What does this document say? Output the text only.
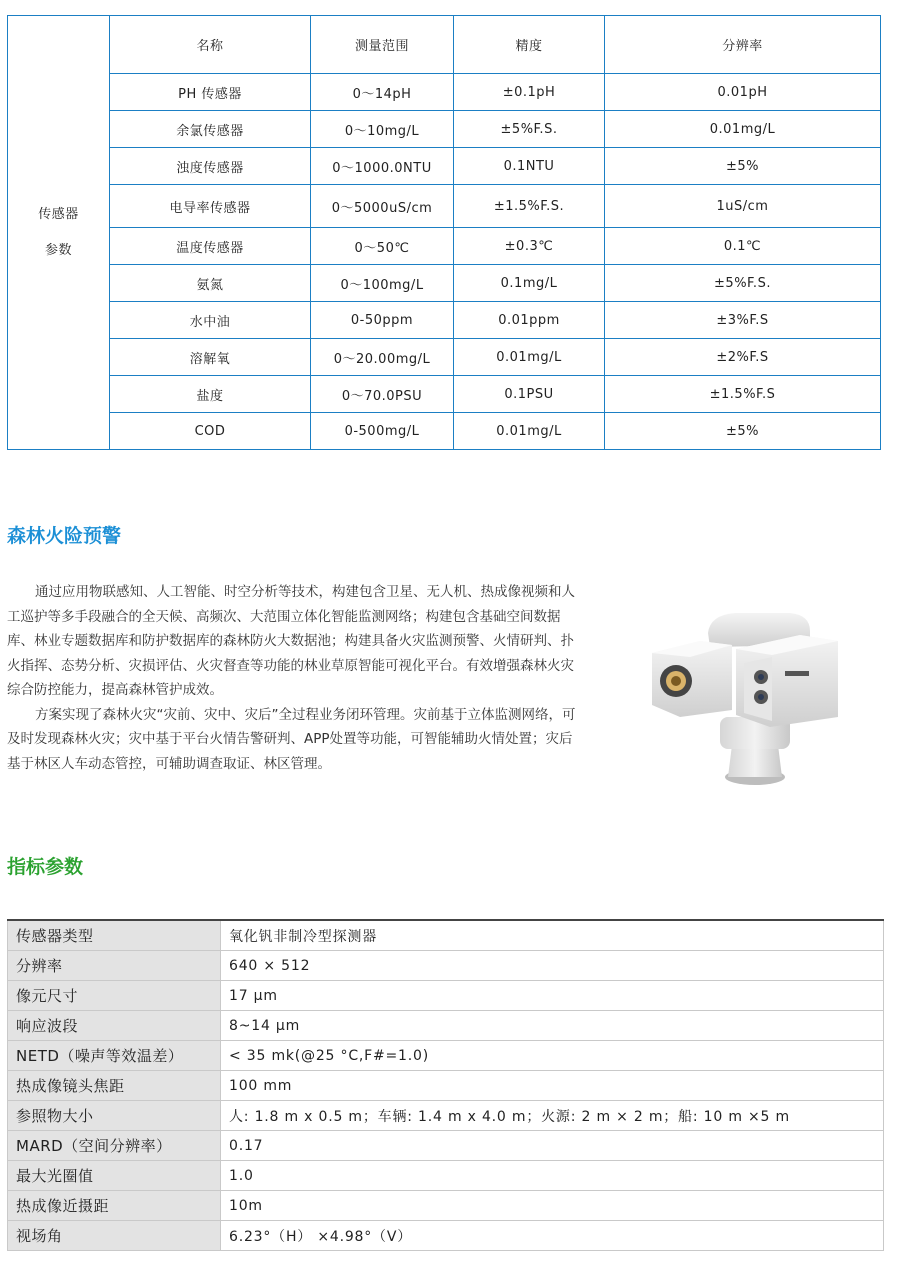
传感器
参数	名称	测量范围	精度	分辨率
	PH 传感器	0～14pH	±0.1pH	0.01pH
	余氯传感器	0～10mg/L	±5%F.S.	0.01mg/L
	浊度传感器	0～1000.0NTU	0.1NTU	±5%
	电导率传感器	0～5000uS/cm	±1.5%F.S.	1uS/cm
	温度传感器	0～50℃	±0.3℃	0.1℃
	氨氮	0～100mg/L	0.1mg/L	±5%F.S.
	水中油	0-50ppm	0.01ppm	±3%F.S
	溶解氧	0～20.00mg/L	0.01mg/L	±2%F.S
	盐度	0～70.0PSU	0.1PSU	±1.5%F.S
	COD	0-500mg/L	0.01mg/L	±5%
森林火险预警

通过应用物联感知、人工智能、时空分析等技术，构建包含卫星、无人机、热成像视频和人工巡护等多手段融合的全天候、高频次、大范围立体化智能监测网络；构建包含基础空间数据库、林业专题数据库和防护数据库的森林防火大数据池；构建具备火灾监测预警、火情研判、扑火指挥、态势分析、灾损评估、火灾督查等功能的林业草原智能可视化平台。有效增强森林火灾综合防控能力，提高森林管护成效。

方案实现了森林火灾“灾前、灾中、灾后”全过程业务闭环管理。灾前基于立体监测网络，可及时发现森林火灾；灾中基于平台火情告警研判、APP处置等功能，可智能辅助火情处置；灾后基于林区人车动态管控，可辅助调查取证、林区管理。

指标参数
传感器类型	氧化钒非制冷型探测器
分辨率	640 × 512
像元尺寸	17 µm
响应波段	8~14 µm
NETD（噪声等效温差）	< 35 mk(@25 °C,F#=1.0)
热成像镜头焦距	100 mm
参照物大小	人: 1.8 m x 0.5 m；车辆: 1.4 m x 4.0 m；火源: 2 m × 2 m；船: 10 m ×5 m
MARD（空间分辨率）	0.17
最大光圈值	1.0
热成像近摄距	10m
视场角	6.23°（H） ×4.98°（V）
